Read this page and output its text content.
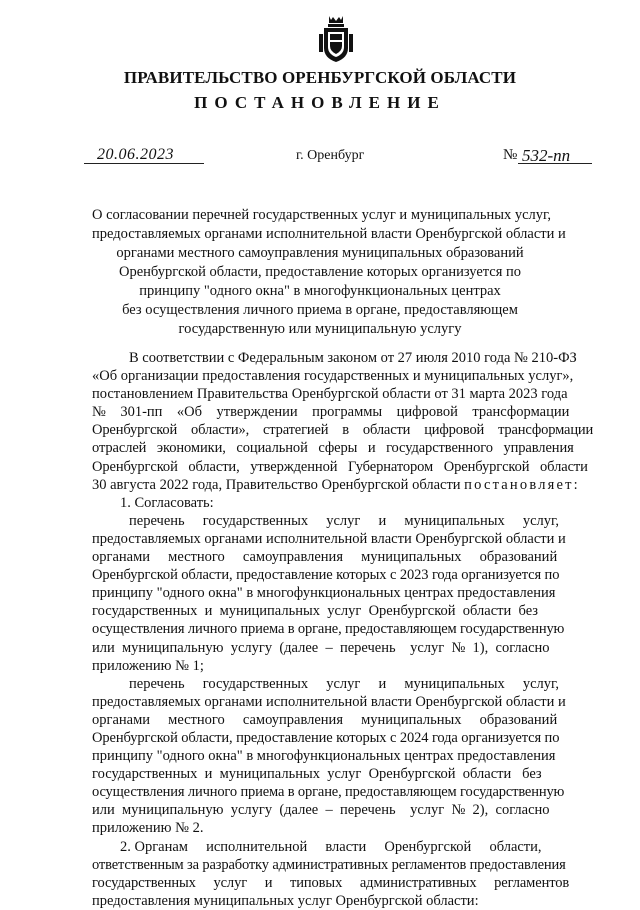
ПРАВИТЕЛЬСТВО ОРЕНБУРГСКОЙ ОБЛАСТИ
ПОСТАНОВЛЕНИЕ
20.06.2023	г. Оренбург	№ 532-пп
О согласовании перечней государственных услуг и муниципальных услуг,
предоставляемых органами исполнительной власти Оренбургской области и
органами местного самоуправления муниципальных образований
Оренбургской области, предоставление которых организуется по
принципу "одного окна" в многофункциональных центрах
без осуществления личного приема в органе, предоставляющем
государственную или муниципальную услугу
В соответствии с Федеральным законом от 27 июля 2010 года № 210-ФЗ
«Об организации предоставления государственных и муниципальных услуг»,
постановлением Правительства Оренбургской области от 31 марта 2023 года
№    301-пп    «Об    утверждении    программы    цифровой    трансформации
Оренбургской    области»,    стратегией    в    области    цифровой    трансформации
отраслей   экономики,   социальной   сферы   и   государственного   управления
Оренбургской   области,   утвержденной   Губернатором   Оренбургской   области
30 августа 2022 года, Правительство Оренбургской области постановляет:
1. Согласовать:
перечень     государственных     услуг     и     муниципальных     услуг,
предоставляемых органами исполнительной власти Оренбургской области и
органами     местного     самоуправления     муниципальных     образований
Оренбургской области, предоставление которых с 2023 года организуется по
принципу "одного окна" в многофункциональных центрах предоставления
государственных  и  муниципальных  услуг  Оренбургской  области  без
осуществления личного приема в органе, предоставляющем государственную
или  муниципальную  услугу  (далее  –  перечень    услуг  №  1),  согласно
приложению № 1;
перечень     государственных     услуг     и     муниципальных     услуг,
предоставляемых органами исполнительной власти Оренбургской области и
органами     местного     самоуправления     муниципальных     образований
Оренбургской области, предоставление которых с 2024 года организуется по
принципу "одного окна" в многофункциональных центрах предоставления
государственных  и  муниципальных  услуг  Оренбургской  области   без
осуществления личного приема в органе, предоставляющем государственную
или  муниципальную  услугу  (далее  –  перечень    услуг  №  2),  согласно
приложению № 2.
2. Органам     исполнительной     власти     Оренбургской     области,
ответственным за разработку административных регламентов предоставления
государственных     услуг     и     типовых     административных     регламентов
предоставления муниципальных услуг Оренбургской области:
